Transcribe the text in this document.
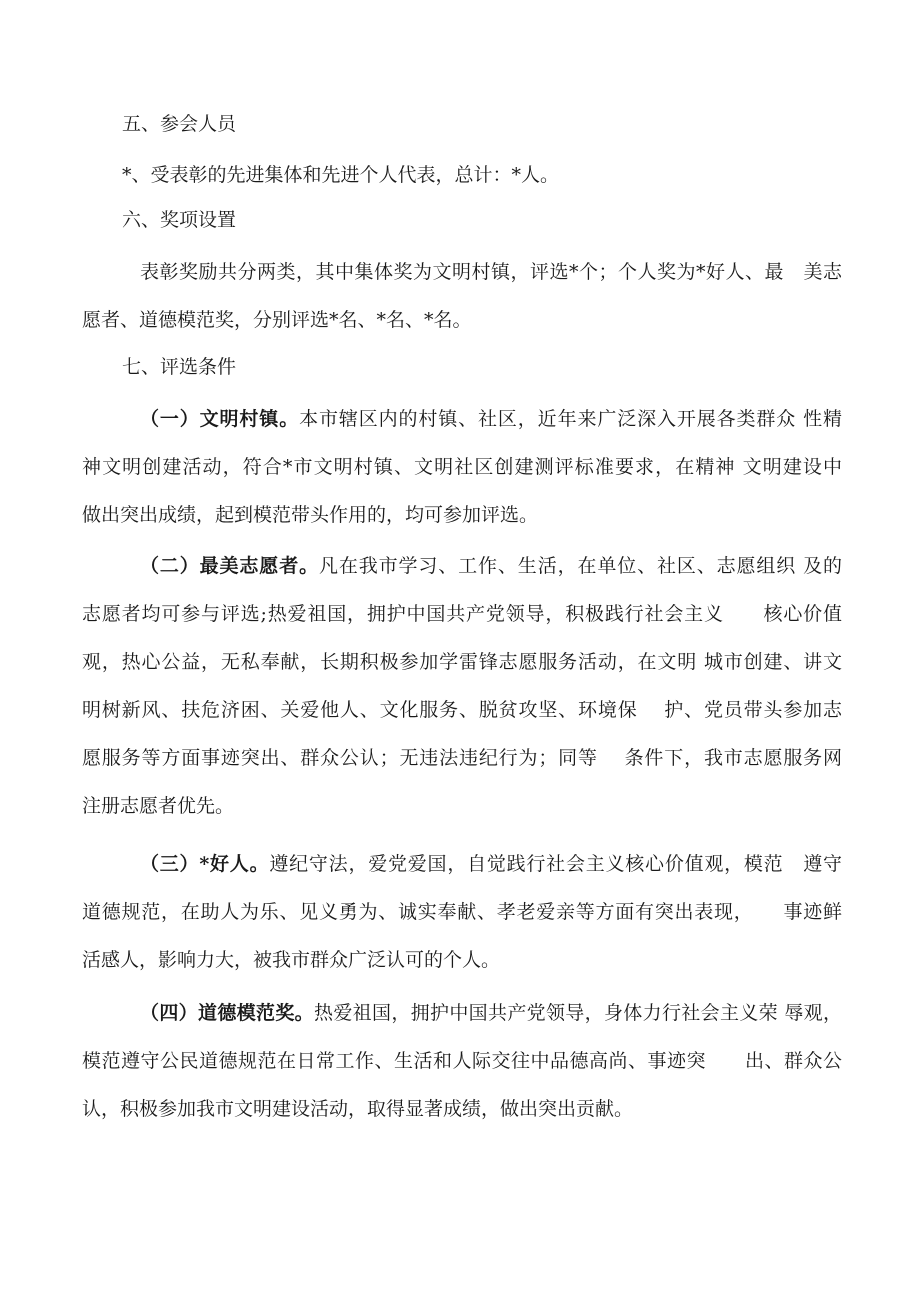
五、参会人员

*、受表彰的先进集体和先进个人代表，总计：*人。

六、奖项设置

表彰奖励共分两类，其中集体奖为文明村镇，评选*个；个人奖为*好人、最　美志
愿者、道德模范奖，分别评选*名、*名、*名。

七、评选条件

（一）文明村镇。本市辖区内的村镇、社区，近年来广泛深入开展各类群众 性精
神文明创建活动，符合*市文明村镇、文明社区创建测评标准要求，在精神 文明建设中
做出突出成绩，起到模范带头作用的，均可参加评选。
（二）最美志愿者。凡在我市学习、工作、生活，在单位、社区、志愿组织 及的
志愿者均可参与评选;热爱祖国，拥护中国共产党领导，积极践行社会主义　　核心价值
观，热心公益，无私奉献，长期积极参加学雷锋志愿服务活动，在文明 城市创建、讲文
明树新风、扶危济困、关爱他人、文化服务、脱贫攻坚、环境保　 护、党员带头参加志
愿服务等方面事迹突出、群众公认；无违法违纪行为；同等　 条件下，我市志愿服务网
注册志愿者优先。
（三）*好人。遵纪守法，爱党爱国，自觉践行社会主义核心价值观，模范　遵守
道德规范，在助人为乐、见义勇为、诚实奉献、孝老爱亲等方面有突出表现，　　事迹鲜
活感人，影响力大，被我市群众广泛认可的个人。
（四）道德模范奖。热爱祖国，拥护中国共产党领导，身体力行社会主义荣 辱观，
模范遵守公民道德规范在日常工作、生活和人际交往中品德高尚、事迹突　　出、群众公
认，积极参加我市文明建设活动，取得显著成绩，做出突出贡献。
